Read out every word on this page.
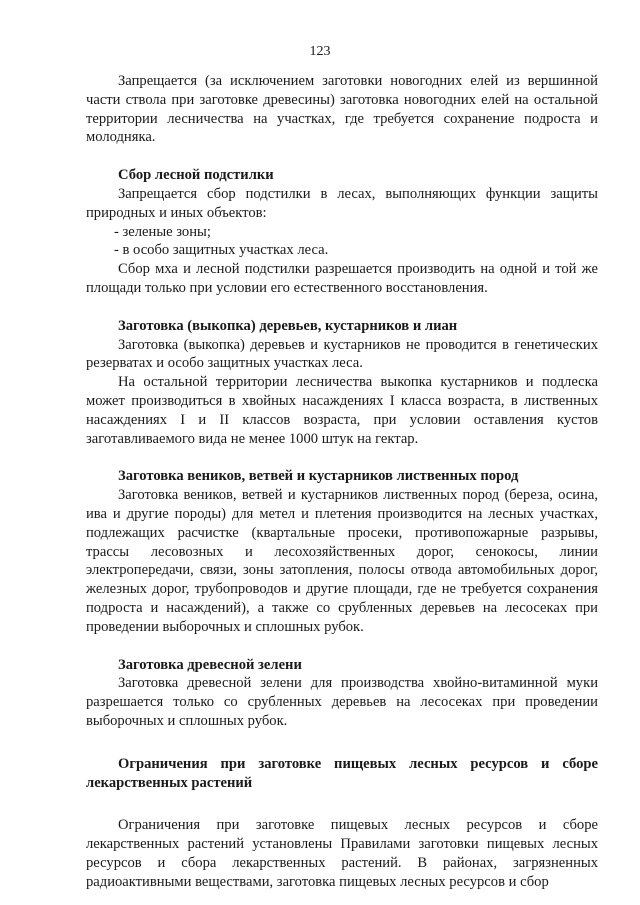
123

Запрещается (за исключением заготовки новогодних елей из вершинной части ствола при заготовке древесины) заготовка новогодних елей на остальной территории лесничества на участках, где требуется сохранение подроста и молодняка.

Сбор лесной подстилки

Запрещается сбор подстилки в лесах, выполняющих функции защиты природных и иных объектов:

- зеленые зоны;

- в особо защитных участках леса.

Сбор мха и лесной подстилки разрешается производить на одной и той же площади только при условии его естественного восстановления.

Заготовка (выкопка) деревьев, кустарников и лиан

Заготовка (выкопка) деревьев и кустарников не проводится в генетических резерватах и особо защитных участках леса.

На остальной территории лесничества выкопка кустарников и подлеска может производиться в хвойных насаждениях I класса возраста, в лиственных насаждениях I и II классов возраста, при условии оставления кустов заготавливаемого вида не менее 1000 штук на гектар.

Заготовка веников, ветвей и кустарников лиственных пород

Заготовка веников, ветвей и кустарников лиственных пород (береза, осина, ива и другие породы) для метел и плетения производится на лесных участках, подлежащих расчистке (квартальные просеки, противопожарные разрывы, трассы лесовозных и лесохозяйственных дорог, сенокосы, линии электропередачи, связи, зоны затопления, полосы отвода автомобильных дорог, железных дорог, трубопроводов и другие площади, где не требуется сохранения подроста и насаждений), а также со срубленных деревьев на лесосеках при проведении выборочных и сплошных рубок.

Заготовка древесной зелени

Заготовка древесной зелени для производства хвойно-витаминной муки разрешается только со срубленных деревьев на лесосеках при проведении выборочных и сплошных рубок.

Ограничения при заготовке пищевых лесных ресурсов и сборе лекарственных растений

Ограничения при заготовке пищевых лесных ресурсов и сборе лекарственных растений установлены Правилами заготовки пищевых лесных ресурсов и сбора лекарственных растений. В районах, загрязненных радиоактивными веществами, заготовка пищевых лесных ресурсов и сбор
